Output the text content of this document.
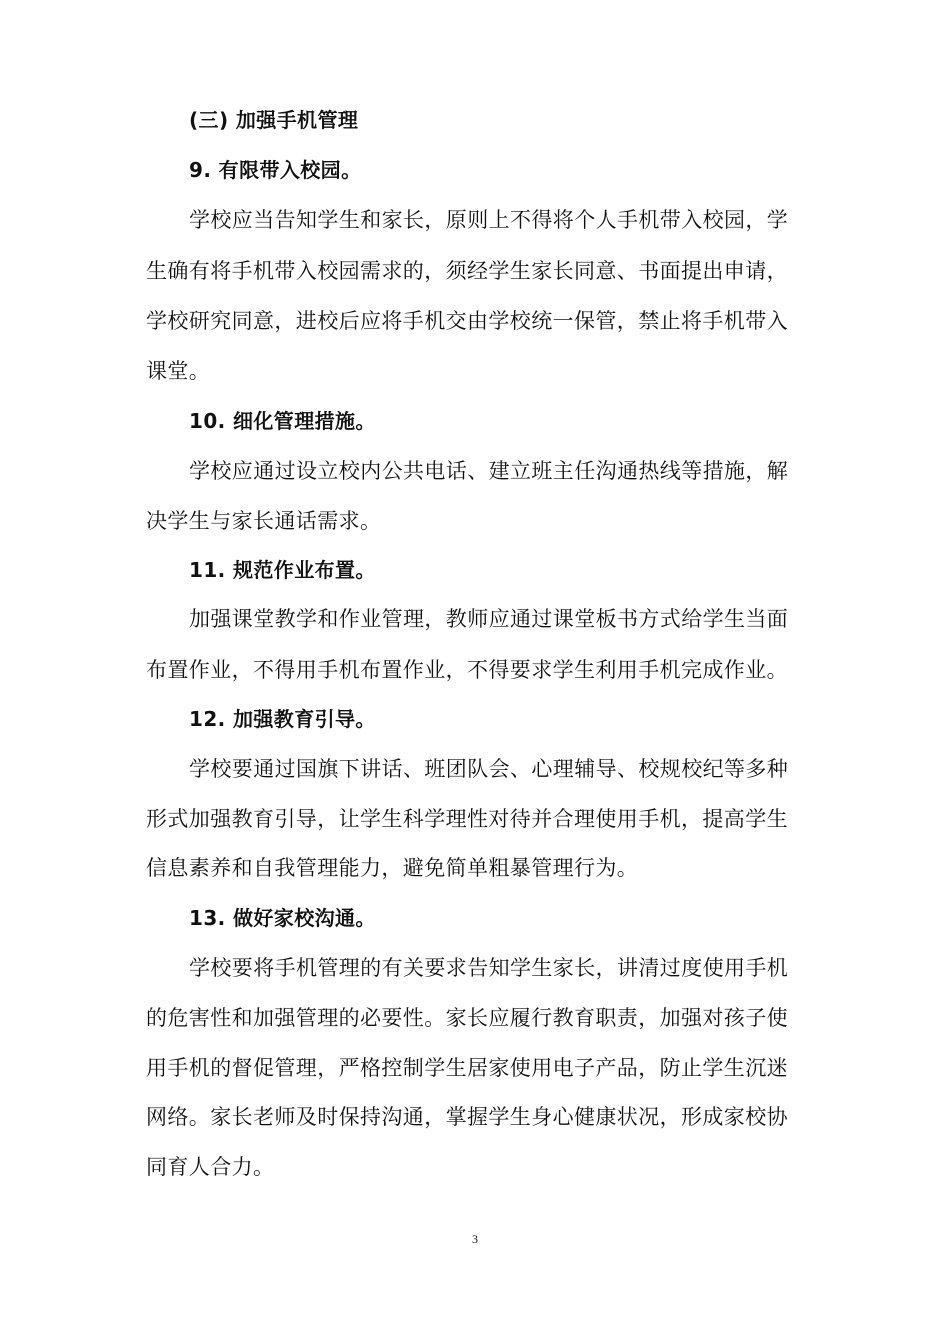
(三) 加强手机管理
9. 有限带入校园。
学校应当告知学生和家长，原则上不得将个人手机带入校园，学
生确有将手机带入校园需求的，须经学生家长同意、书面提出申请，
学校研究同意，进校后应将手机交由学校统一保管，禁止将手机带入
课堂。
10. 细化管理措施。
学校应通过设立校内公共电话、建立班主任沟通热线等措施，解
决学生与家长通话需求。
11. 规范作业布置。
加强课堂教学和作业管理，教师应通过课堂板书方式给学生当面
布置作业，不得用手机布置作业，不得要求学生利用手机完成作业。
12. 加强教育引导。
学校要通过国旗下讲话、班团队会、心理辅导、校规校纪等多种
形式加强教育引导，让学生科学理性对待并合理使用手机，提高学生
信息素养和自我管理能力，避免简单粗暴管理行为。
13. 做好家校沟通。
学校要将手机管理的有关要求告知学生家长，讲清过度使用手机
的危害性和加强管理的必要性。家长应履行教育职责，加强对孩子使
用手机的督促管理，严格控制学生居家使用电子产品，防止学生沉迷
网络。家长老师及时保持沟通，掌握学生身心健康状况，形成家校协
同育人合力。
3
